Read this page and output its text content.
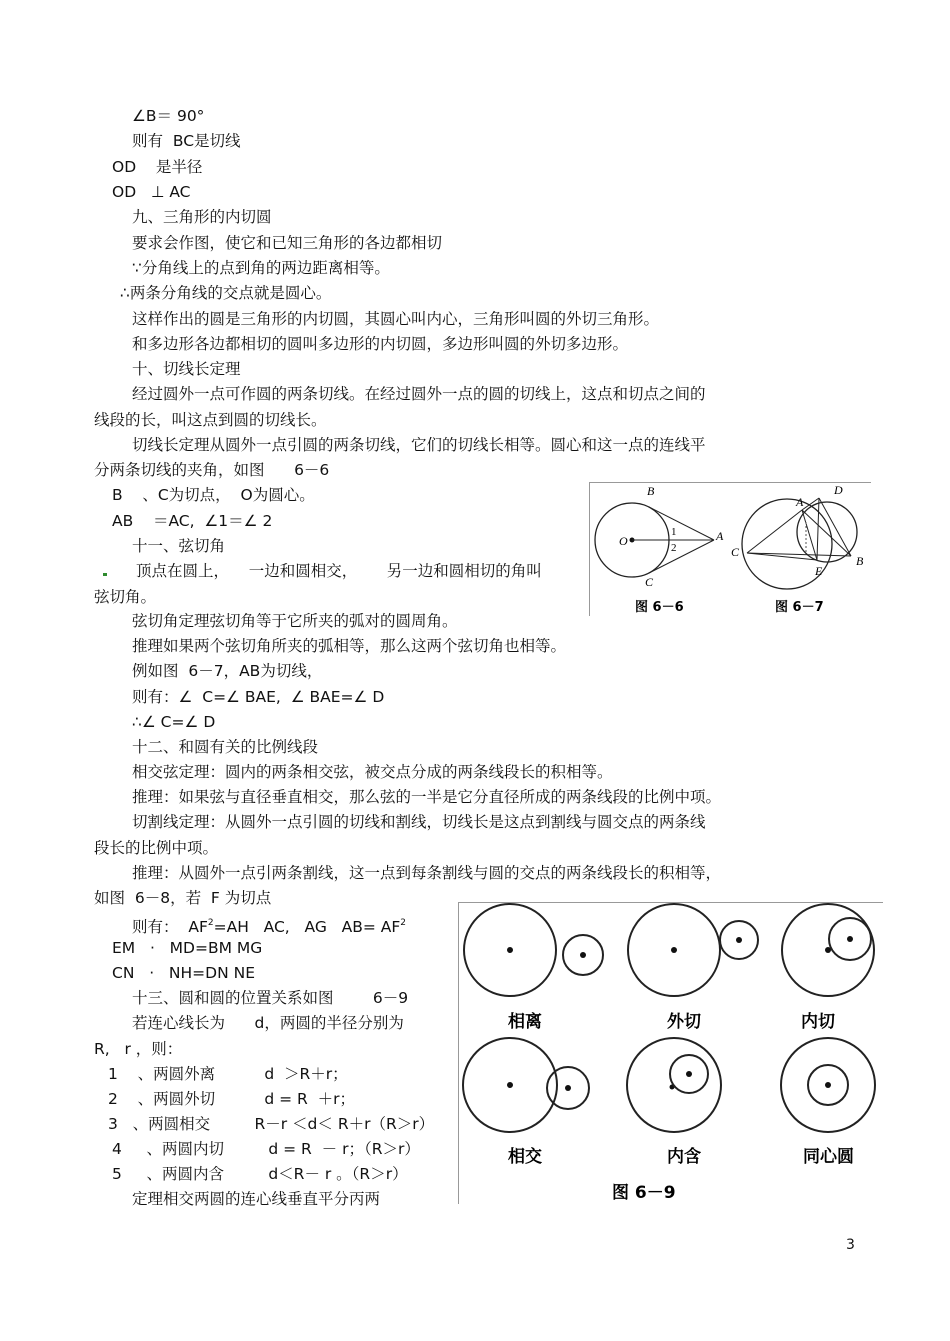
∠B＝ 90°
则有  BC是切线
OD    是半径
OD   ⊥ AC
九、三角形的内切圆
要求会作图，使它和已知三角形的各边都相切
∵分角线上的点到角的两边距离相等。
∴两条分角线的交点就是圆心。
这样作出的圆是三角形的内切圆，其圆心叫内心，三角形叫圆的外切三角形。
和多边形各边都相切的圆叫多边形的内切圆，多边形叫圆的外切多边形。
十、切线长定理
经过圆外一点可作圆的两条切线。在经过圆外一点的圆的切线上，这点和切点之间的
线段的长，叫这点到圆的切线长。
切线长定理从圆外一点引圆的两条切线，它们的切线长相等。圆心和这一点的连线平
分两条切线的夹角，如图      6－6
B    、C为切点，  O为圆心。
AB    ＝AC,  ∠1＝∠ 2
十一、弦切角
顶点在圆上，    一边和圆相交，      另一边和圆相切的角叫
弦切角。
弦切角定理弦切角等于它所夹的弧对的圆周角。
推理如果两个弦切角所夹的弧相等，那么这两个弦切角也相等。
例如图  6－7，AB为切线，
则有：∠  C=∠ BAE,  ∠ BAE=∠ D
∴∠ C=∠ D
十二、和圆有关的比例线段
相交弦定理：圆内的两条相交弦，被交点分成的两条线段长的积相等。
推理：如果弦与直径垂直相交，那么弦的一半是它分直径所成的两条线段的比例中项。
切割线定理：从圆外一点引圆的切线和割线，切线长是这点到割线与圆交点的两条线
段长的比例中项。
推理：从圆外一点引两条割线，这一点到每条割线与圆的交点的两条线段长的积相等，
如图  6－8，若  F 为切点
则有：  $AF^2=AH$   AC,   AG   $AB= AF^2$
EM   ·   MD=BM MG
CN   ·   NH=DN NE
十三、圆和圆的位置关系如图        6－9
若连心线长为      d，两圆的半径分别为
R,   r ，则：
1    、两圆外离          d  ＞R＋r；
2    、两圆外切          d = R  ＋r；
3   、两圆相交         R－r ＜d＜ R＋r（R＞r）
4     、两圆内切         d = R  － r；（R＞r）
5     、两圆内含         d＜R－ r 。（R＞r）
定理相交两圆的连心线垂直平分丙两
B
O
1
2
A
C
图 6－6
A
D
C
E
B
图 6－7
相离	外切	内切
相交	内含	同心圆
图 6－9
3
